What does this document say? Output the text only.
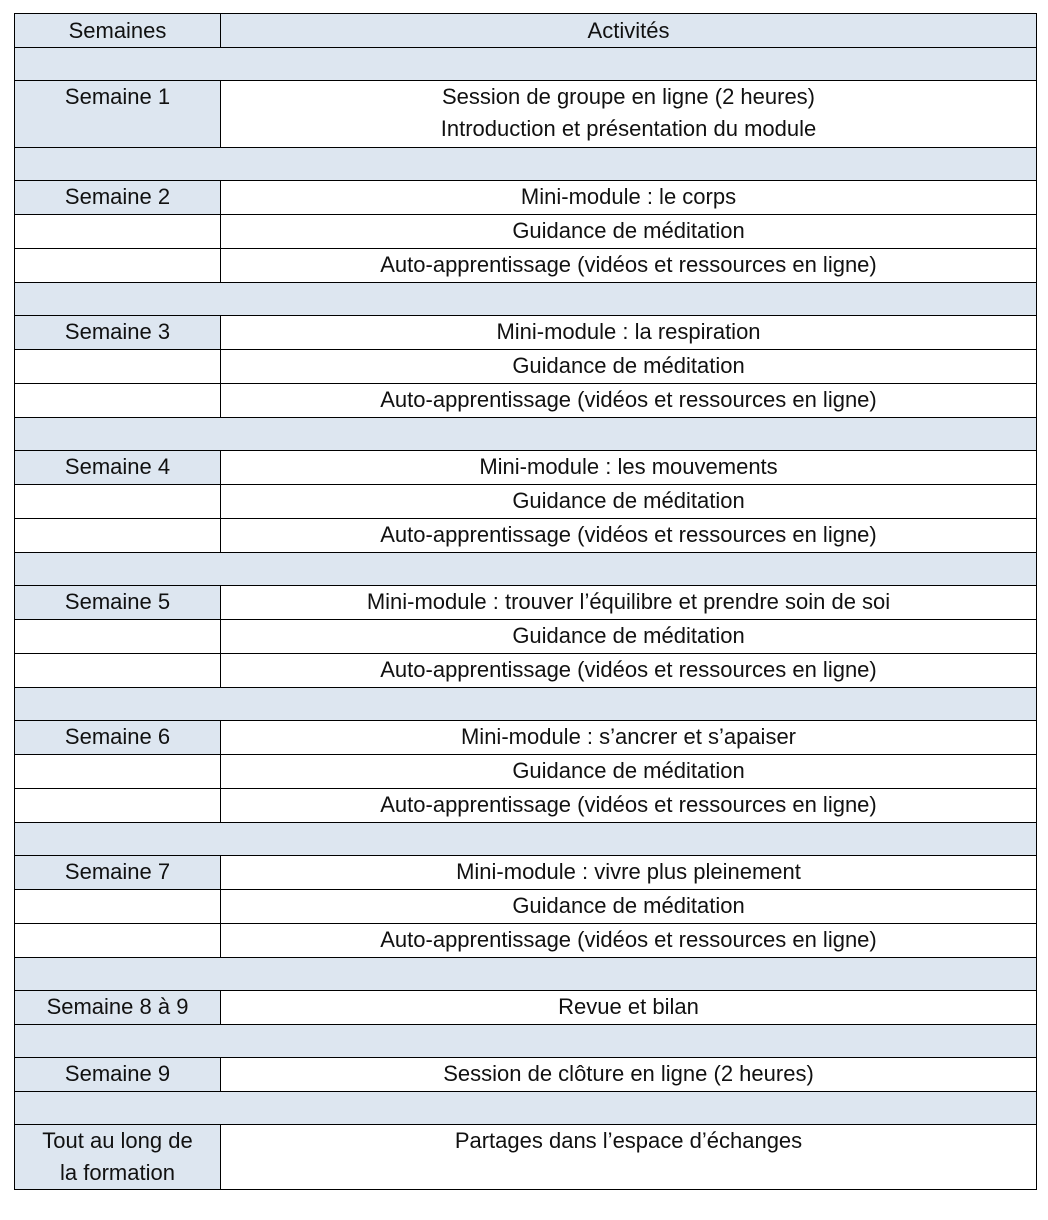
Semaines	Activités

Semaine 1	Session de groupe en ligne (2 heures)
Introduction et présentation du module

Semaine 2	Mini-module : le corps
	Guidance de méditation
	Auto-apprentissage (vidéos et ressources en ligne)

Semaine 3	Mini-module : la respiration
	Guidance de méditation
	Auto-apprentissage (vidéos et ressources en ligne)

Semaine 4	Mini-module : les mouvements
	Guidance de méditation
	Auto-apprentissage (vidéos et ressources en ligne)

Semaine 5	Mini-module : trouver l’équilibre et prendre soin de soi
	Guidance de méditation
	Auto-apprentissage (vidéos et ressources en ligne)

Semaine 6	Mini-module : s’ancrer et s’apaiser
	Guidance de méditation
	Auto-apprentissage (vidéos et ressources en ligne)

Semaine 7	Mini-module : vivre plus pleinement
	Guidance de méditation
	Auto-apprentissage (vidéos et ressources en ligne)

Semaine 8 à 9	Revue et bilan

Semaine 9	Session de clôture en ligne (2 heures)

Tout au long de
la formation	Partages dans l’espace d’échanges
